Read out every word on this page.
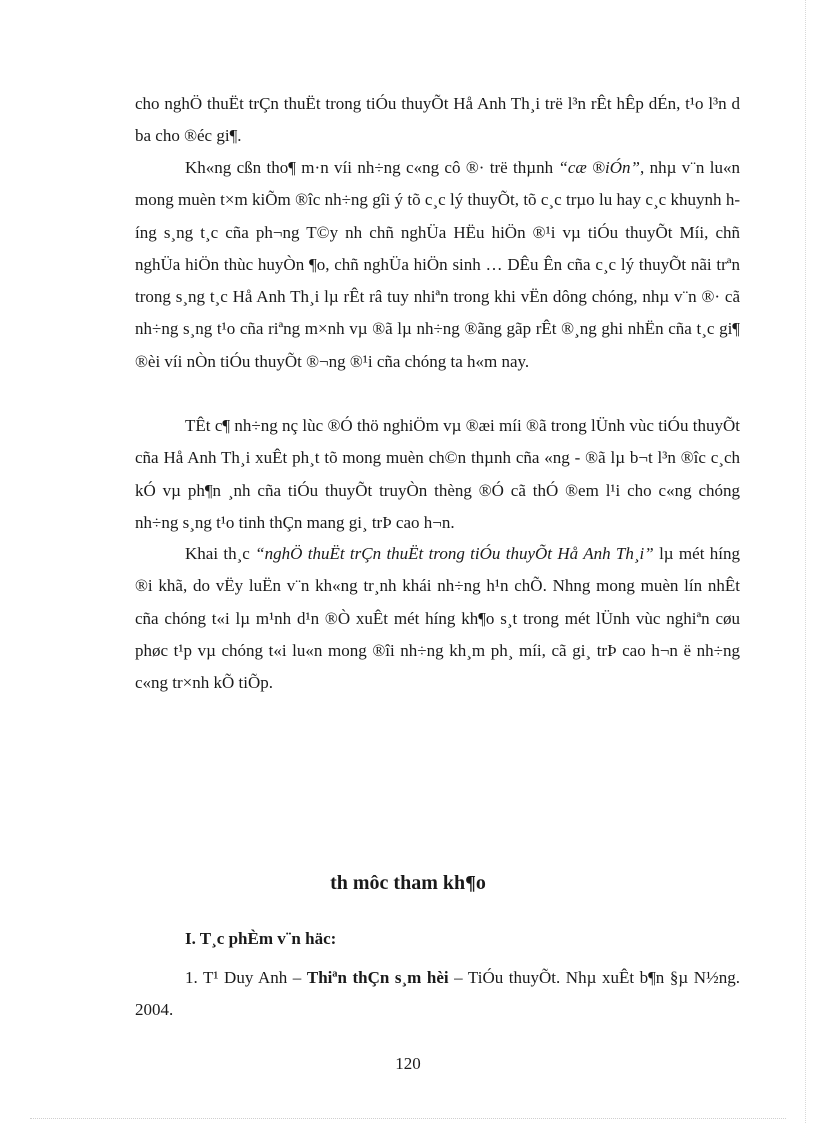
cho nghÖ thuËt trÇn thuËt trong tiÓu thuyÕt Hå Anh Th¸i trë l³n rÊt hÊp dÉn, t¹o l³n d ba cho ®éc gi¶.

Kh«ng cßn tho¶ m·n víi nh÷ng c«ng cô ®· trë thµnh “cæ ®iÓn”, nhµ v¨n lu«n mong muèn t×m kiÕm ®îc nh÷ng gîi ý tõ c¸c lý thuyÕt, tõ c¸c trµo lu hay c¸c khuynh híng s¸ng t¸c cña ph¬ng T©y nh chñ nghÜa HËu hiÖn ®¹i vµ tiÓu thuyÕt Míi, chñ nghÜa hiÖn thùc huyÒn ¶o, chñ nghÜa hiÖn sinh … DÊu Ên cña c¸c lý thuyÕt nãi trªn trong s¸ng t¸c Hå Anh Th¸i lµ rÊt râ tuy nhiªn trong khi vËn dông chóng, nhµ v¨n ®· cã nh÷ng s¸ng t¹o cña riªng m×nh vµ ®ã lµ nh÷ng ®ãng gãp rÊt ®¸ng ghi nhËn cña t¸c gi¶ ®èi víi nÒn tiÓu thuyÕt ®¬ng ®¹i cña chóng ta h«m nay.

TÊt c¶ nh÷ng nç lùc ®Ó thö nghiÖm vµ ®æi míi ®ã trong lÜnh vùc tiÓu thuyÕt cña Hå Anh Th¸i xuÊt ph¸t tõ mong muèn ch©n thµnh cña «ng - ®ã lµ b¬t l³n ®îc c¸ch kÓ vµ ph¶n ¸nh cña tiÓu thuyÕt truyÒn thèng ®Ó cã thÓ ®em l¹i cho c«ng chóng nh÷ng s¸ng t¹o tinh thÇn mang gi¸ trÞ cao h¬n.

Khai th¸c “nghÖ thuËt trÇn thuËt trong tiÓu thuyÕt Hå Anh Th¸i” lµ mét híng ®i khã, do vËy luËn v¨n kh«ng tr¸nh khái nh÷ng h¹n chÕ. Nhng mong muèn lín nhÊt cña chóng t«i lµ m¹nh d¹n ®Ò xuÊt mét híng kh¶o s¸t trong mét lÜnh vùc nghiªn cøu phøc t¹p vµ chóng t«i lu«n mong ®îi nh÷ng kh¸m ph¸ míi, cã gi¸ trÞ cao h¬n ë nh÷ng c«ng tr×nh kÕ tiÕp.

th môc tham kh¶o
I. T¸c phÈm v¨n häc:

1. T¹ Duy Anh – Thiªn thÇn s¸m hèi – TiÓu thuyÕt. Nhµ xuÊt b¶n §µ N½ng. 2004.

120
